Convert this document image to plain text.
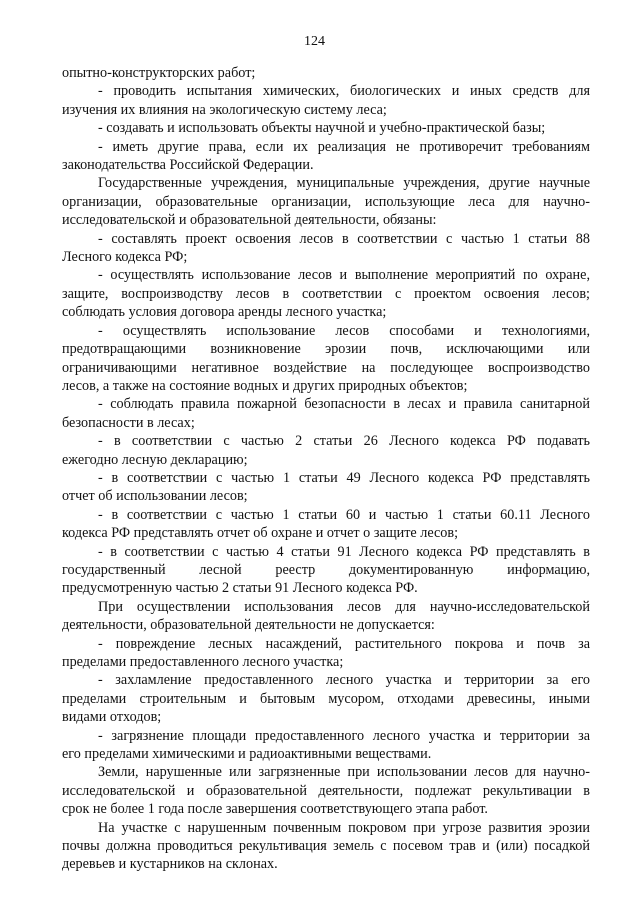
124
опытно-конструкторских работ;
- проводить испытания химических, биологических и иных средств для
изучения их влияния на экологическую систему леса;
- создавать и использовать объекты научной и учебно-практической базы;
- иметь другие права, если их реализация не противоречит требованиям
законодательства Российской Федерации.
Государственные учреждения, муниципальные учреждения, другие научные
организации, образовательные организации, использующие леса для научно-
исследовательской и образовательной деятельности, обязаны:
- составлять проект освоения лесов в соответствии с частью 1 статьи 88
Лесного кодекса РФ;
- осуществлять использование лесов и выполнение мероприятий по охране,
защите, воспроизводству лесов в соответствии с проектом освоения лесов;
соблюдать условия договора аренды лесного участка;
- осуществлять использование лесов способами и технологиями,
предотвращающими возникновение эрозии почв, исключающими или
ограничивающими негативное воздействие на последующее воспроизводство
лесов, а также на состояние водных и других природных объектов;
- соблюдать правила пожарной безопасности в лесах и правила санитарной
безопасности в лесах;
- в соответствии с частью 2 статьи 26 Лесного кодекса РФ подавать
ежегодно лесную декларацию;
- в соответствии с частью 1 статьи 49 Лесного кодекса РФ представлять
отчет об использовании лесов;
- в соответствии с частью 1 статьи 60 и частью 1 статьи 60.11 Лесного
кодекса РФ представлять отчет об охране и отчет о защите лесов;
- в соответствии с частью 4 статьи 91 Лесного кодекса РФ представлять в
государственный лесной реестр документированную информацию,
предусмотренную частью 2 статьи 91 Лесного кодекса РФ.
При осуществлении использования лесов для научно-исследовательской
деятельности, образовательной деятельности не допускается:
- повреждение лесных насаждений, растительного покрова и почв за
пределами предоставленного лесного участка;
- захламление предоставленного лесного участка и территории за его
пределами строительным и бытовым мусором, отходами древесины, иными
видами отходов;
- загрязнение площади предоставленного лесного участка и территории за
его пределами химическими и радиоактивными веществами.
Земли, нарушенные или загрязненные при использовании лесов для научно-
исследовательской и образовательной деятельности, подлежат рекультивации в
срок не более 1 года после завершения соответствующего этапа работ.
На участке с нарушенным почвенным покровом при угрозе развития эрозии
почвы должна проводиться рекультивация земель с посевом трав и (или) посадкой
деревьев и кустарников на склонах.
